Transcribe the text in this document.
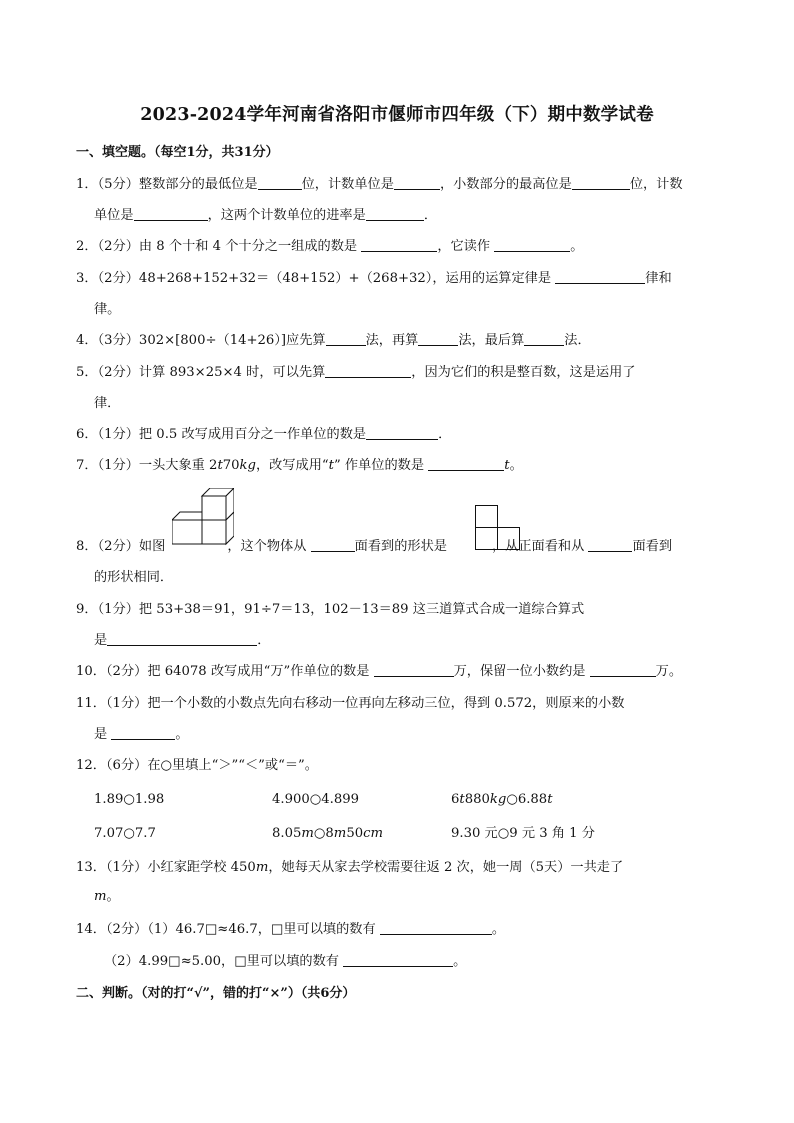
2023-2024学年河南省洛阳市偃师市四年级（下）期中数学试卷
一、填空题。（每空1分，共31分）
1．（5分）整数部分的最低位是	位，计数单位是	，小数部分的最高位是	位，计数
单位是	，这两个计数单位的进率是	．
2．（2分）由 8 个十和 4 个十分之一组成的数是	，它读作	。
3．（2分）48+268+152+32＝（48+152）+（268+32），运用的运算定律是	律和
律。
4．（3分）302×[800÷（14+26）]应先算	法，再算	法，最后算	法．
5．（2分）计算 893×25×4 时，可以先算	，因为它们的积是整百数，这是运用了
律．
6．（1分）把 0.5 改写成用百分之一作单位的数是	．
7．（1分）一头大象重 2t70kg，改写成用“t” 作单位的数是	t。
8．（2分）如图	，这个物体从	面看到的形状是	，从正面看和从	面看到
的形状相同．
9．（1分）把 53+38＝91，91÷7＝13，102－13＝89 这三道算式合成一道综合算式
是	．
10．（2分）把 64078 改写成用“万”作单位的数是	万，保留一位小数约是	万。
11．（1分）把一个小数的小数点先向右移动一位再向左移动三位，得到 0.572，则原来的小数
是	。
12．（6分）在○里填上“＞”“＜”或“＝”。
1.89○1.98	4.900○4.899	6t880kg○6.88t
7.07○7.7	8.05m○8m50cm	9.30 元○9 元 3 角 1 分
13．（1分）小红家距学校 450m，她每天从家去学校需要往返 2 次，她一周（5天）一共走了
m。
14．（2分）（1）46.7□≈46.7，□里可以填的数有	。
（2）4.99□≈5.00，□里可以填的数有	。
二、判断。（对的打“√”，错的打“×”）（共6分）
